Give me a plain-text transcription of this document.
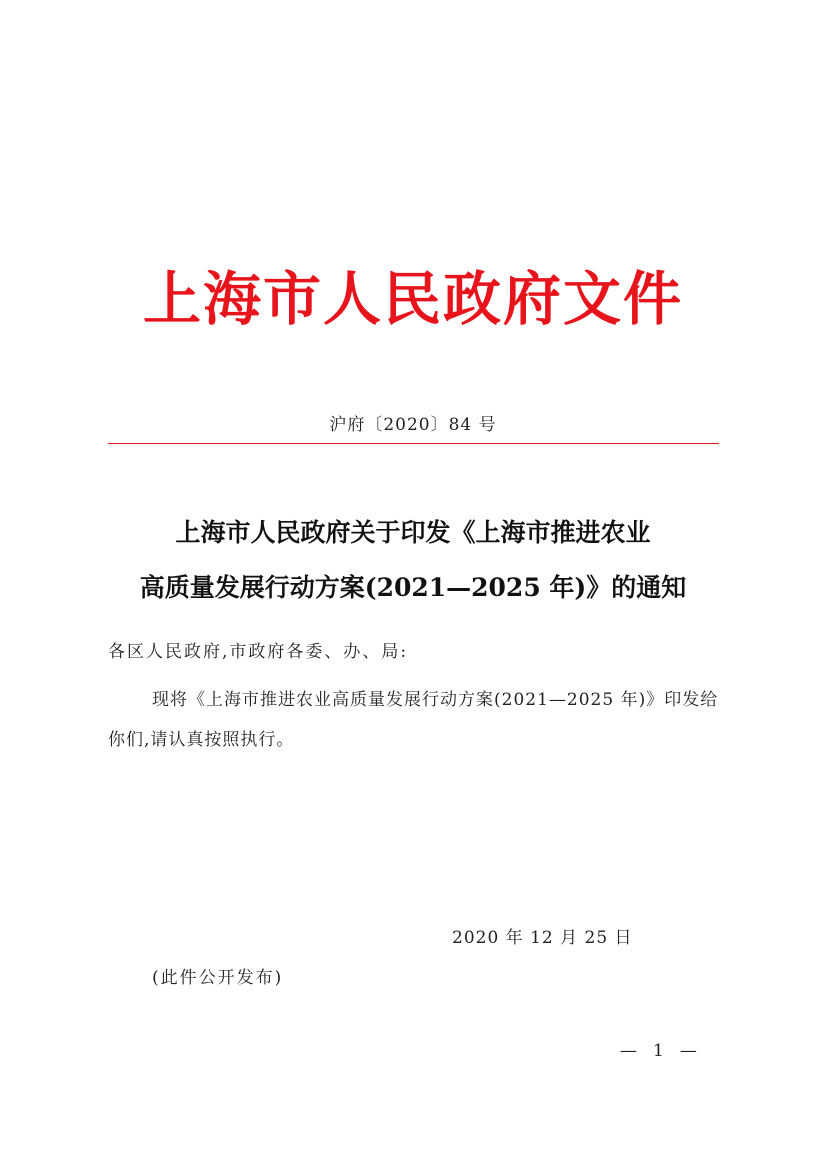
上海市人民政府文件
沪府〔2020〕84 号
上海市人民政府关于印发《上海市推进农业
高质量发展行动方案(2021—2025 年)》的通知
各区人民政府,市政府各委、办、局:
现将《上海市推进农业高质量发展行动方案(2021—2025 年)》印发给你们,请认真按照执行。
2020 年 12 月 25 日
(此件公开发布)
— 1 —
